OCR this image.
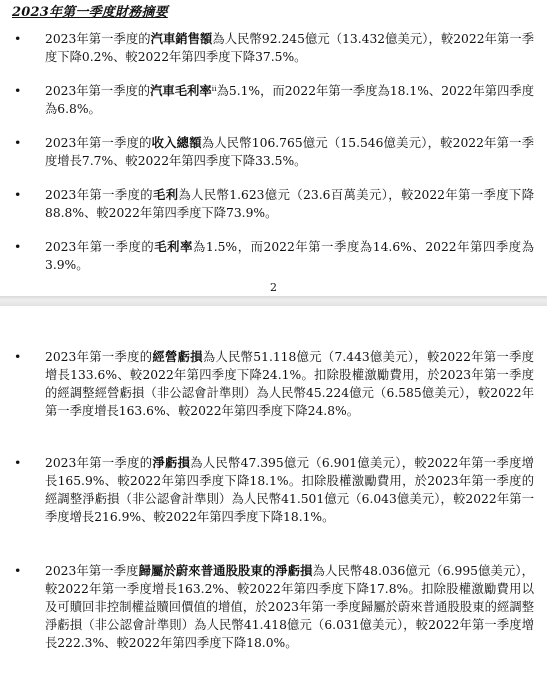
2023年第一季度財務摘要
• 2023年第一季度的汽車銷售額為人民幣92.245億元（13.432億美元），較2022年第一季度下降0.2%、較2022年第四季度下降37.5%。

• 2023年第一季度的汽車毛利率ⁱⁱ為5.1%，而2022年第一季度為18.1%、2022年第四季度為6.8%。

• 2023年第一季度的收入總額為人民幣106.765億元（15.546億美元），較2022年第一季度增長7.7%、較2022年第四季度下降33.5%。

• 2023年第一季度的毛利為人民幣1.623億元（23.6百萬美元），較2022年第一季度下降88.8%、較2022年第四季度下降73.9%。

• 2023年第一季度的毛利率為1.5%，而2022年第一季度為14.6%、2022年第四季度為3.9%。

2
• 2023年第一季度的經營虧損為人民幣51.118億元（7.443億美元），較2022年第一季度增長133.6%、較2022年第四季度下降24.1%。扣除股權激勵費用，於2023年第一季度的經調整經營虧損（非公認會計準則）為人民幣45.224億元（6.585億美元），較2022年第一季度增長163.6%、較2022年第四季度下降24.8%。

• 2023年第一季度的淨虧損為人民幣47.395億元（6.901億美元），較2022年第一季度增長165.9%、較2022年第四季度下降18.1%。扣除股權激勵費用，於2023年第一季度的經調整淨虧損（非公認會計準則）為人民幣41.501億元（6.043億美元），較2022年第一季度增長216.9%、較2022年第四季度下降18.1%。

• 2023年第一季度歸屬於蔚來普通股股東的淨虧損為人民幣48.036億元（6.995億美元），較2022年第一季度增長163.2%、較2022年第四季度下降17.8%。扣除股權激勵費用以及可贖回非控制權益贖回價值的增值，於2023年第一季度歸屬於蔚來普通股股東的經調整淨虧損（非公認會計準則）為人民幣41.418億元（6.031億美元），較2022年第一季度增長222.3%、較2022年第四季度下降18.0%。
